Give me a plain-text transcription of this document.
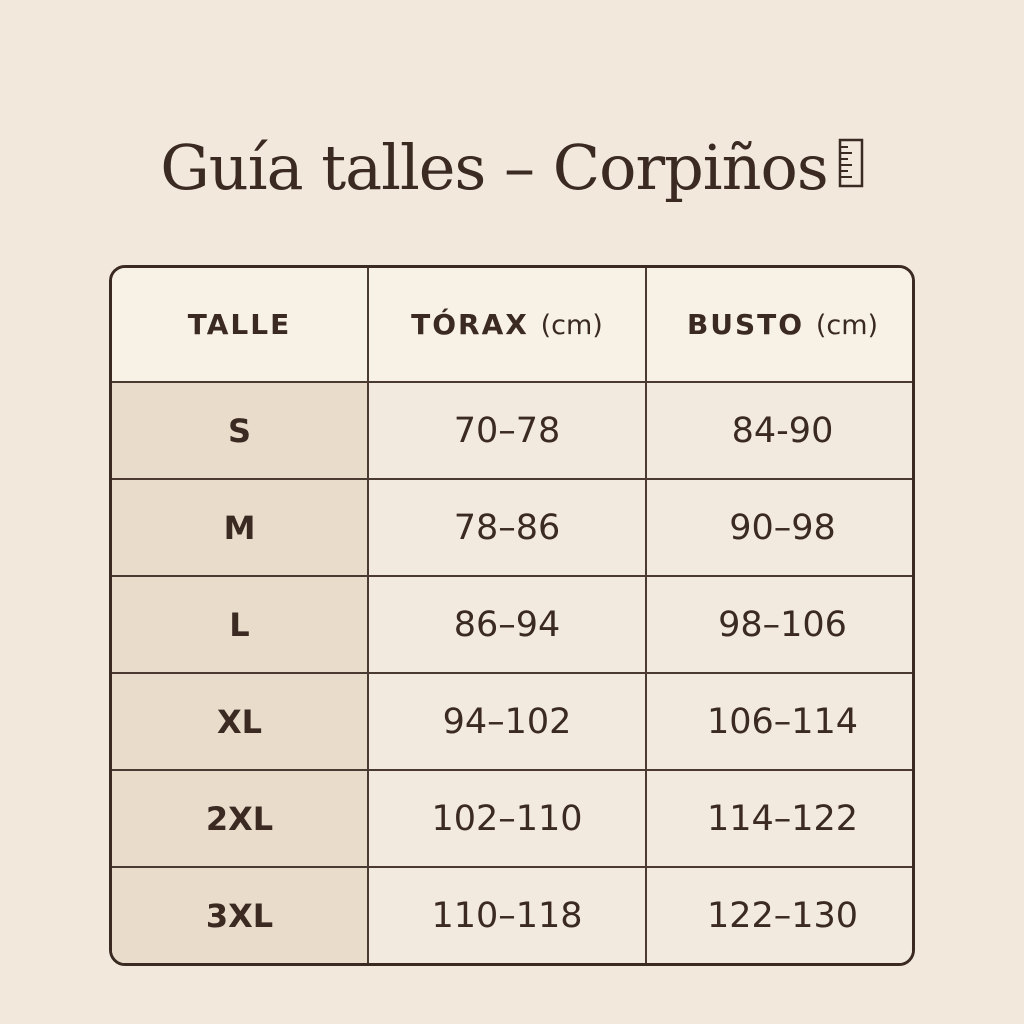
Guía talles – Corpiños
TALLE	TÓRAX (cm)	BUSTO (cm)
S	70–78	84-90
M	78–86	90–98
L	86–94	98–106
XL	94–102	106–114
2XL	102–110	114–122
3XL	110–118	122–130
